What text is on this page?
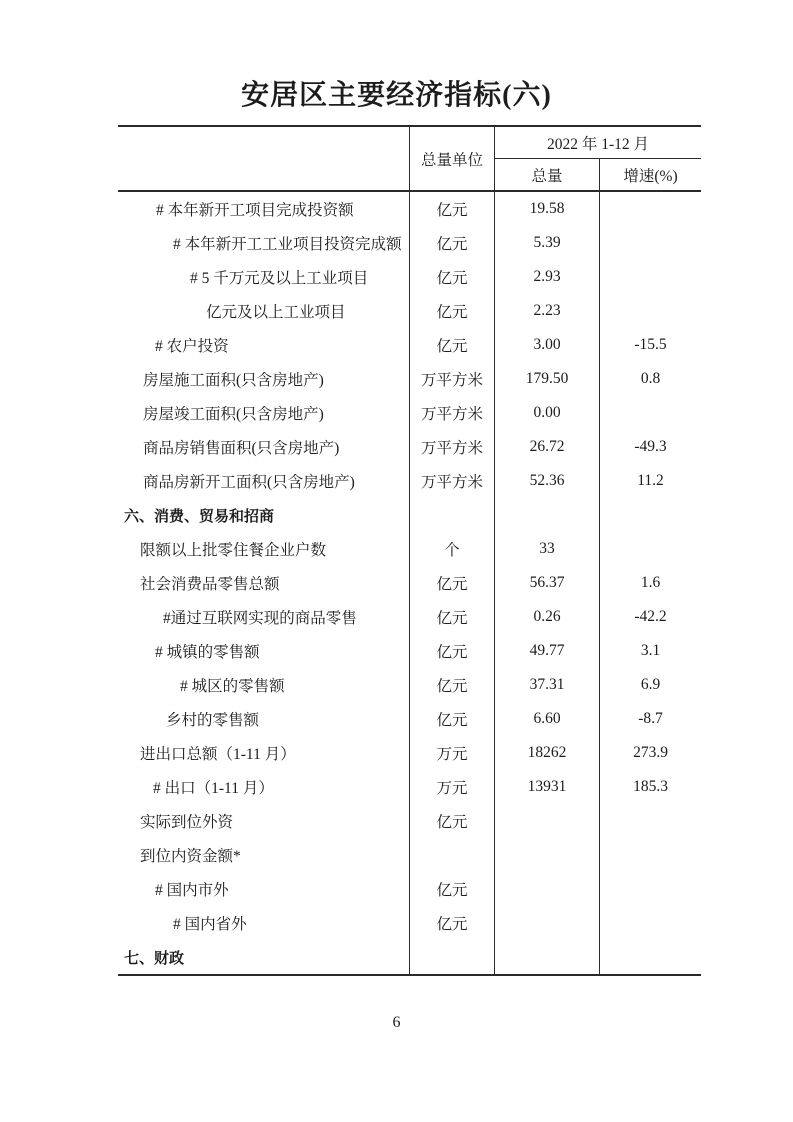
安居区主要经济指标(六)
总量单位
2022 年 1-12 月
总量	增速(%)
# 本年新开工项目完成投资额	亿元	19.58
# 本年新开工工业项目投资完成额	亿元	5.39
# 5 千万元及以上工业项目	亿元	2.93
亿元及以上工业项目	亿元	2.23
# 农户投资	亿元	3.00	-15.5
房屋施工面积(只含房地产)	万平方米	179.50	0.8
房屋竣工面积(只含房地产)	万平方米	0.00
商品房销售面积(只含房地产)	万平方米	26.72	-49.3
商品房新开工面积(只含房地产)	万平方米	52.36	11.2
六、消费、贸易和招商
限额以上批零住餐企业户数	个	33
社会消费品零售总额	亿元	56.37	1.6
#通过互联网实现的商品零售	亿元	0.26	-42.2
# 城镇的零售额	亿元	49.77	3.1
# 城区的零售额	亿元	37.31	6.9
乡村的零售额	亿元	6.60	-8.7
进出口总额（1-11 月）	万元	18262	273.9
# 出口（1-11 月）	万元	13931	185.3
实际到位外资	亿元
到位内资金额*
# 国内市外	亿元
# 国内省外	亿元
七、财政
6
